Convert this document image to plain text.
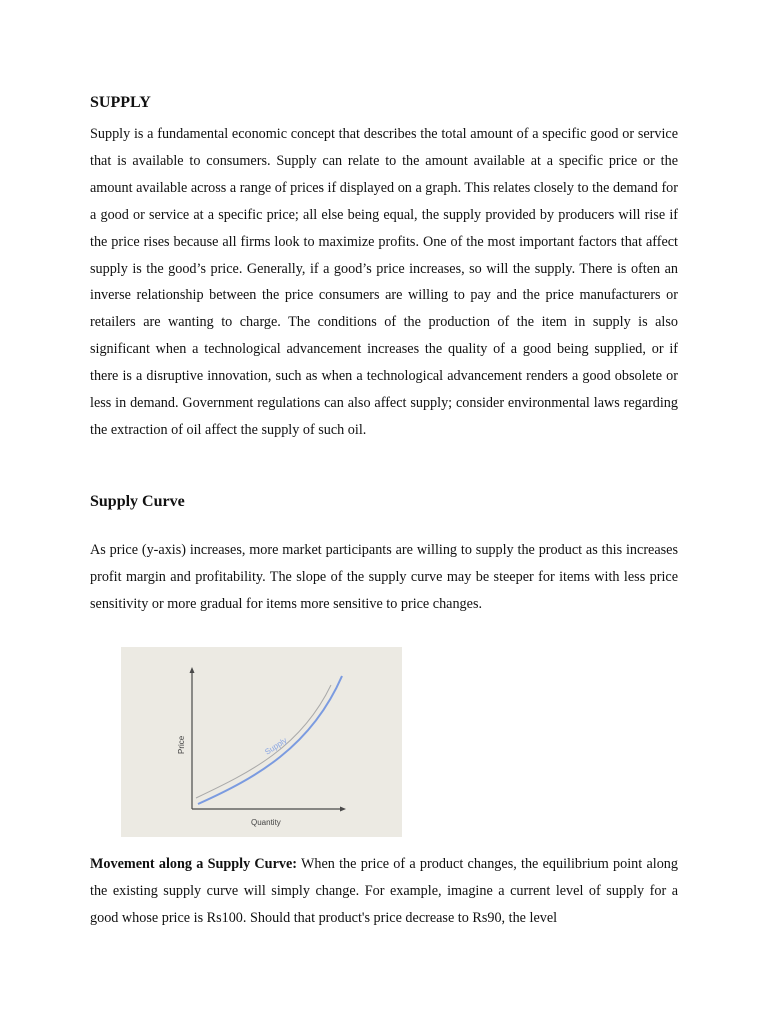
SUPPLY

Supply is a fundamental economic concept that describes the total amount of a specific good or service that is available to consumers. Supply can relate to the amount available at a specific price or the amount available across a range of prices if displayed on a graph. This relates closely to the demand for a good or service at a specific price; all else being equal, the supply provided by producers will rise if the price rises because all firms look to maximize profits. One of the most important factors that affect supply is the good’s price. Generally, if a good’s price increases, so will the supply. There is often an inverse relationship between the price consumers are willing to pay and the price manufacturers or retailers are wanting to charge. The conditions of the production of the item in supply is also significant when a technological advancement increases the quality of a good being supplied, or if there is a disruptive innovation, such as when a technological advancement renders a good obsolete or less in demand. Government regulations can also affect supply; consider environmental laws regarding the extraction of oil affect the supply of such oil.

Supply Curve

As price (y-axis) increases, more market participants are willing to supply the product as this increases profit margin and profitability. The slope of the supply curve may be steeper for items with less price sensitivity or more gradual for items more sensitive to price changes.

Supply
Price
Quantity

Movement along a Supply Curve: When the price of a product changes, the equilibrium point along the existing supply curve will simply change. For example, imagine a current level of supply for a good whose price is Rs100. Should that product's price decrease to Rs90, the level
